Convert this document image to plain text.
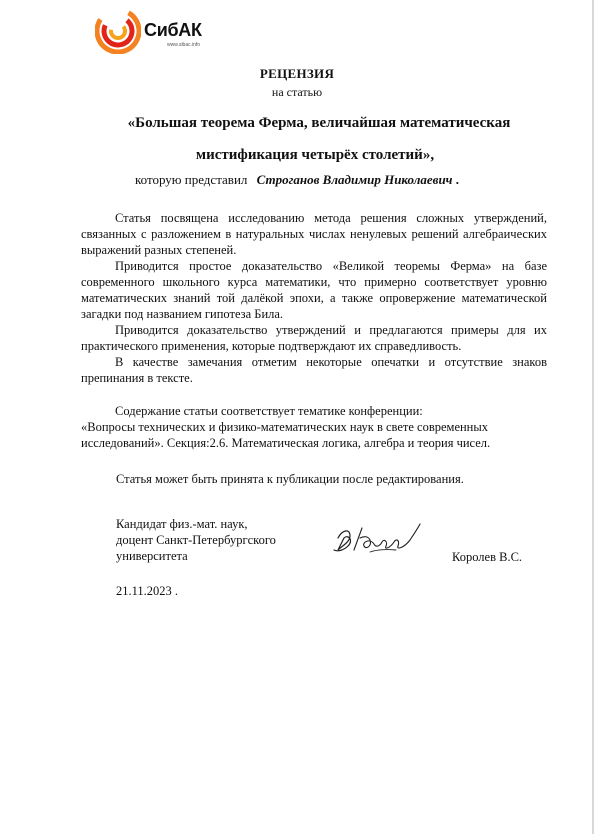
СибАК
www.sibac.info
РЕЦЕНЗИЯ
на статью
«Большая теорема Ферма, величайшая математическая
мистификация четырёх столетий»,
которую представил Строганов Владимир Николаевич .

Статья посвящена исследованию метода решения сложных утверждений, связанных с разложением в натуральных числах ненулевых решений алгебраических выражений разных степеней.

Приводится простое доказательство «Великой теоремы Ферма» на базе современного школьного курса математики, что примерно соответствует уровню математических знаний той далёкой эпохи, а также опровержение математической загадки под названием гипотеза Била.

Приводится доказательство утверждений и предлагаются примеры для их практического применения, которые подтверждают их справедливость.

В качестве замечания отметим некоторые опечатки и отсутствие знаков препинания в тексте.

Содержание статьи соответствует тематике конференции:
«Вопросы технических и физико-математических наук в свете современных
исследований». Секция:2.6. Математическая логика, алгебра и теория чисел.
Статья может быть принята к публикации после редактирования.
Кандидат физ.-мат. наук,
доцент Санкт-Петербургского
университета	Королев В.С.
21.11.2023 .
